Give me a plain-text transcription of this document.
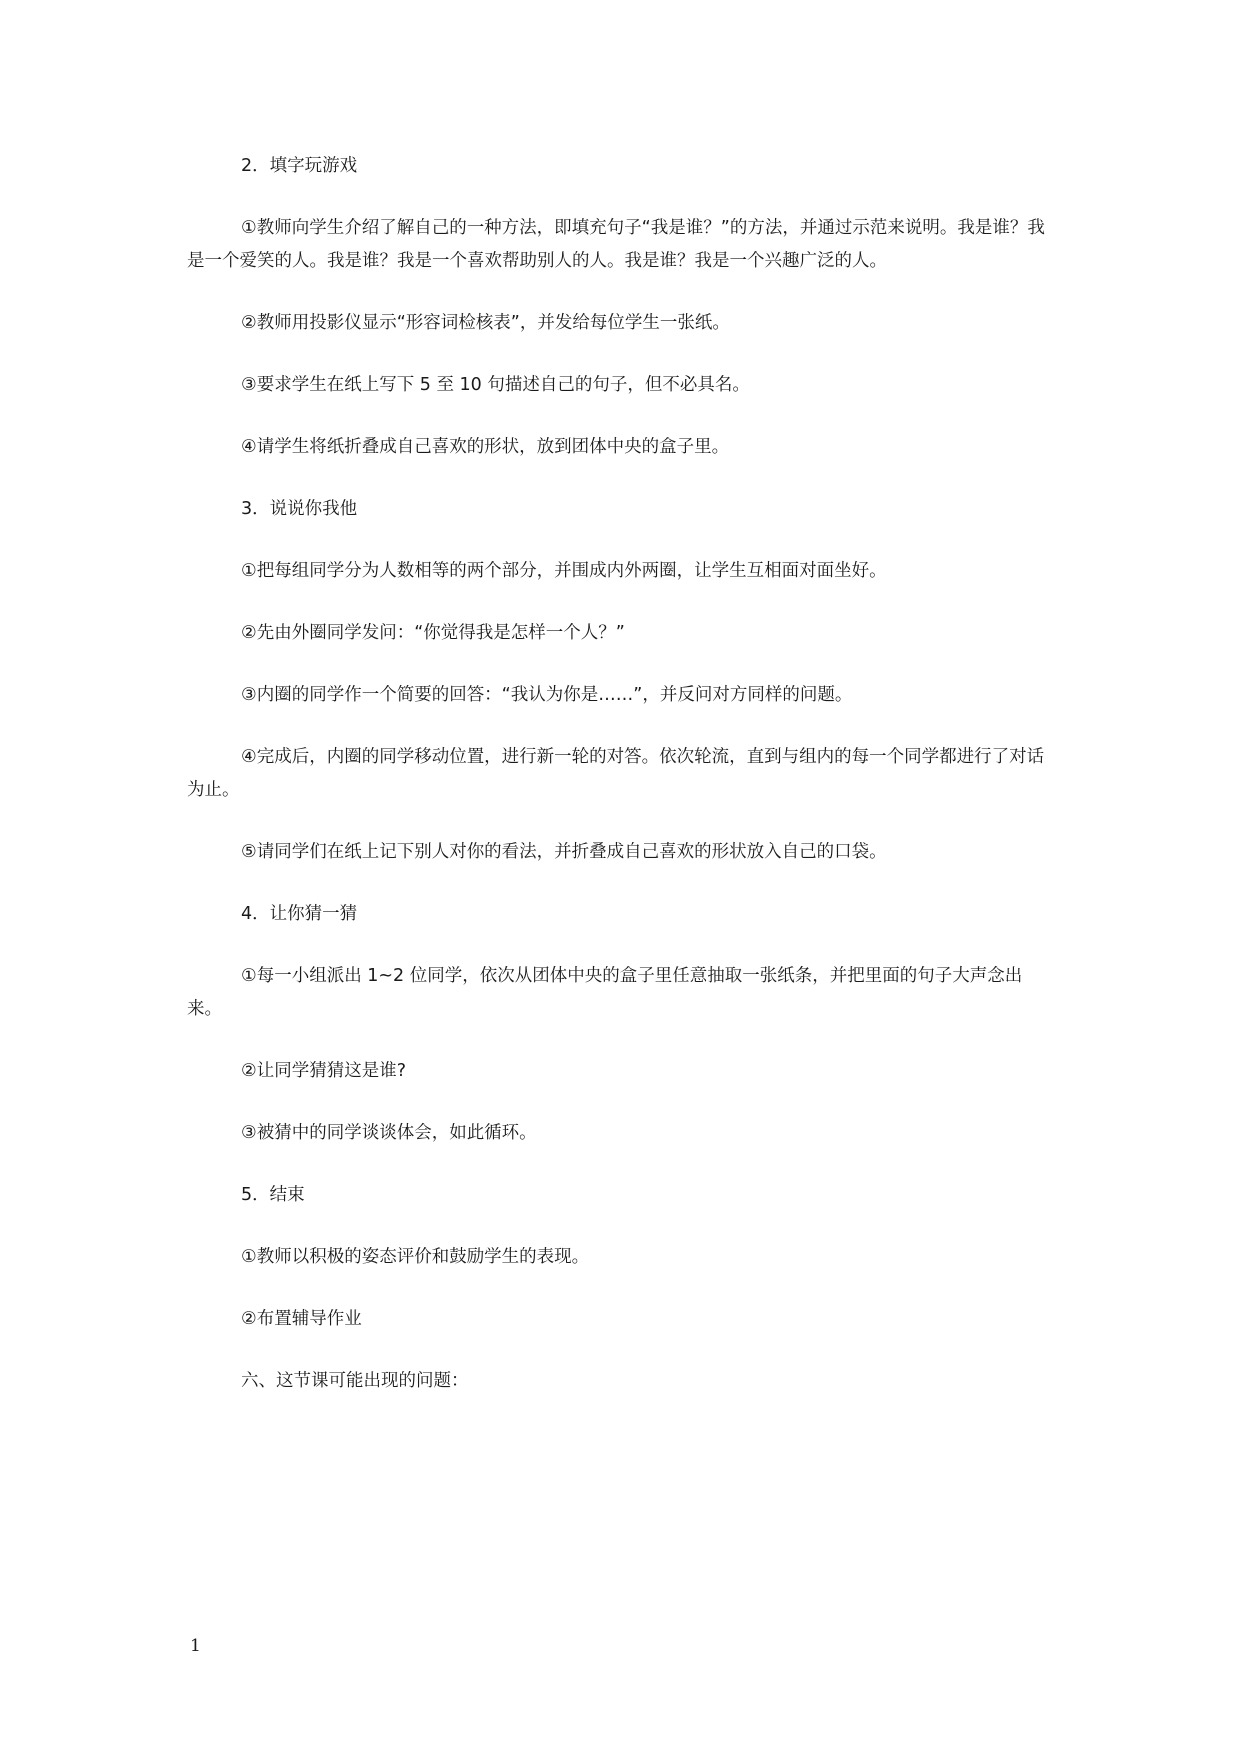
2．填字玩游戏

①教师向学生介绍了解自己的一种方法，即填充句子“我是谁？”的方法，并通过示范来说明。我是谁？我是一个爱笑的人。我是谁？我是一个喜欢帮助别人的人。我是谁？我是一个兴趣广泛的人。

②教师用投影仪显示“形容词检核表”，并发给每位学生一张纸。

③要求学生在纸上写下 5 至 10 句描述自己的句子，但不必具名。

④请学生将纸折叠成自己喜欢的形状，放到团体中央的盒子里。

3．说说你我他

①把每组同学分为人数相等的两个部分，并围成内外两圈，让学生互相面对面坐好。

②先由外圈同学发问：“你觉得我是怎样一个人？”

③内圈的同学作一个简要的回答：“我认为你是……”，并反问对方同样的问题。

④完成后，内圈的同学移动位置，进行新一轮的对答。依次轮流，直到与组内的每一个同学都进行了对话为止。

⑤请同学们在纸上记下别人对你的看法，并折叠成自己喜欢的形状放入自己的口袋。

4．让你猜一猜

①每一小组派出 1~2 位同学，依次从团体中央的盒子里任意抽取一张纸条，并把里面的句子大声念出来。

②让同学猜猜这是谁?

③被猜中的同学谈谈体会，如此循环。

5．结束

①教师以积极的姿态评价和鼓励学生的表现。

②布置辅导作业

六、这节课可能出现的问题：

1
